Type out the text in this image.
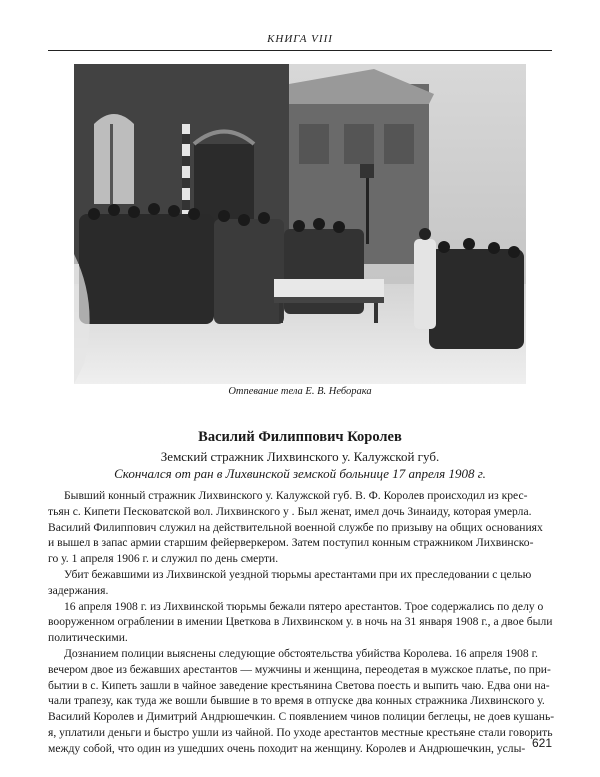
КНИГА VIII
Отпевание тела Е. В. Неборака
Василий Филиппович Королев
Земский стражник Лихвинского у. Калужской губ.
Скончался от ран в Лихвинской земской больнице 17 апреля 1908 г.
Бывший конный стражник Лихвинского у. Калужской губ. В. Ф. Королев происходил из крес-
тьян с. Кипети Песковатской вол. Лихвинского у . Был женат, имел дочь Зинаиду, которая умерла.
Василий Филиппович служил на действительной военной службе по призыву на общих основаниях
и вышел в запас армии старшим фейерверкером. Затем поступил конным стражником Лихвинско-
го у. 1 апреля 1906 г. и служил по день смерти.
Убит бежавшими из Лихвинской уездной тюрьмы арестантами при их преследовании с целью
задержания.
16 апреля 1908 г. из Лихвинской тюрьмы бежали пятеро арестантов. Трое содержались по делу о
вооруженном ограблении в имении Цветкова в Лихвинском у. в ночь на 31 января 1908 г., а двое были
политическими.
Дознанием полиции выяснены следующие обстоятельства убийства Королева. 16 апреля 1908 г.
вечером двое из бежавших арестантов — мужчины и женщина, переодетая в мужское платье, по при-
бытии в с. Кипеть зашли в чайное заведение крестьянина Светова поесть и выпить чаю. Едва они на-
чали трапезу, как туда же вошли бывшие в то время в отпуске два конных стражника Лихвинского у.
Василий Королев и Димитрий Андрюшечкин. С появлением чинов полиции беглецы, не доев кушань-
я, уплатили деньги и быстро ушли из чайной. По уходе арестантов местные крестьяне стали говорить
между собой, что один из ушедших очень походит на женщину. Королев и Андрюшечкин, услы- 621
